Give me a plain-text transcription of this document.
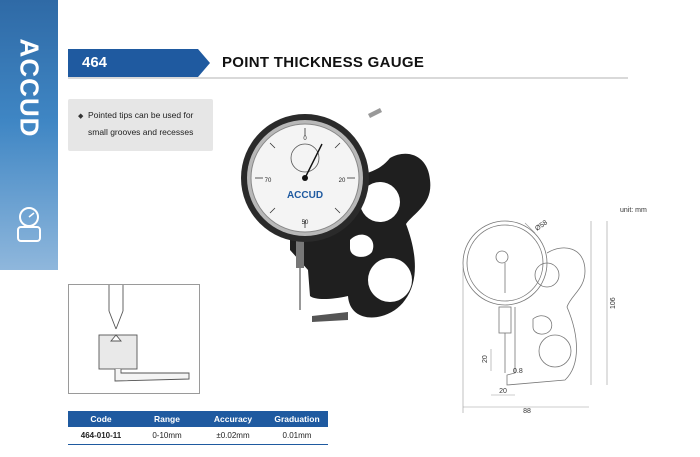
ACCUD	464	POINT THICKNESS GAUGE
◆ Pointed tips can be used for
small grooves and recesses
ACCUD
0
20
50
70
unit: mm
88
106
20
20
0.8
Ø58
Code	Range	Accuracy	Graduation
464-010-11	0-10mm	±0.02mm	0.01mm
